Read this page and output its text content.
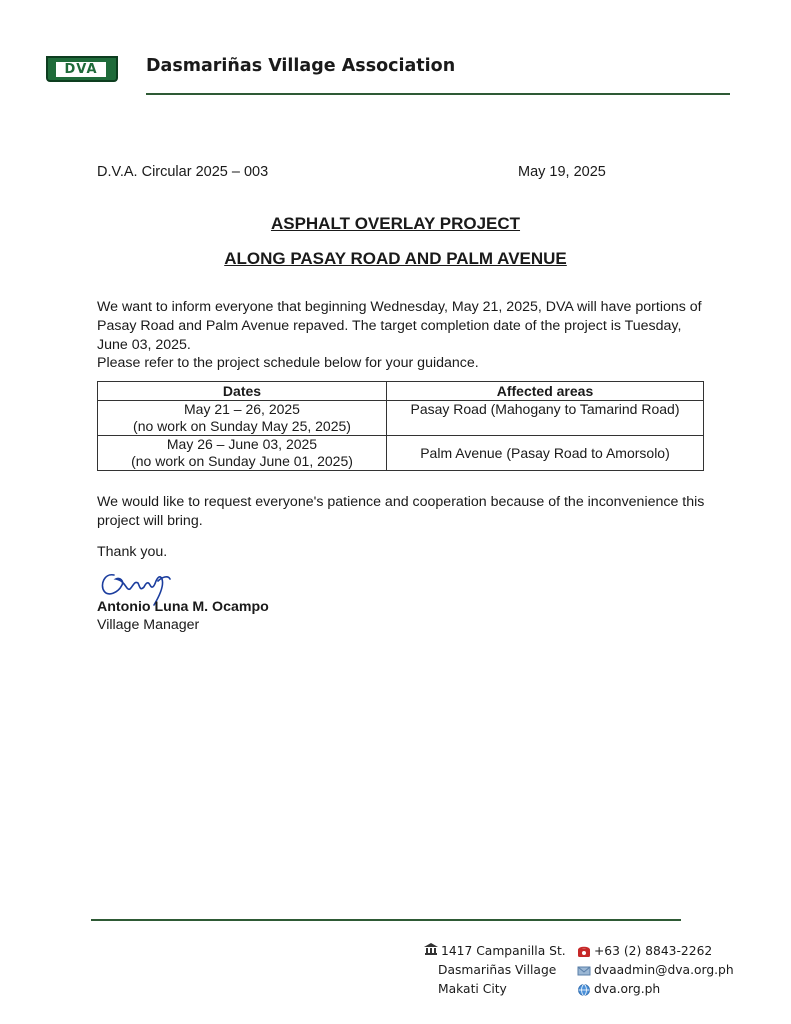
DVA	Dasmariñas Village Association
D.V.A. Circular 2025 – 003	May 19, 2025
ASPHALT OVERLAY PROJECT
ALONG PASAY ROAD AND PALM AVENUE
We want to inform everyone that beginning Wednesday, May 21, 2025, DVA will have portions of Pasay Road and Palm Avenue repaved. The target completion date of the project is Tuesday, June 03, 2025.
Please refer to the project schedule below for your guidance.
Dates	Affected areas

May 21 – 26, 2025
(no work on Sunday May 25, 2025)	Pasay Road (Mahogany to Tamarind Road)

May 26 – June 03, 2025
(no work on Sunday June 01, 2025)	Palm Avenue (Pasay Road to Amorsolo)
We would like to request everyone's patience and cooperation because of the inconvenience this project will bring.
Thank you.
Antonio Luna M. Ocampo
Village Manager
1417 Campanilla St.
Dasmariñas Village
Makati City
+63 (2) 8843-2262
dvaadmin@dva.org.ph
dva.org.ph
